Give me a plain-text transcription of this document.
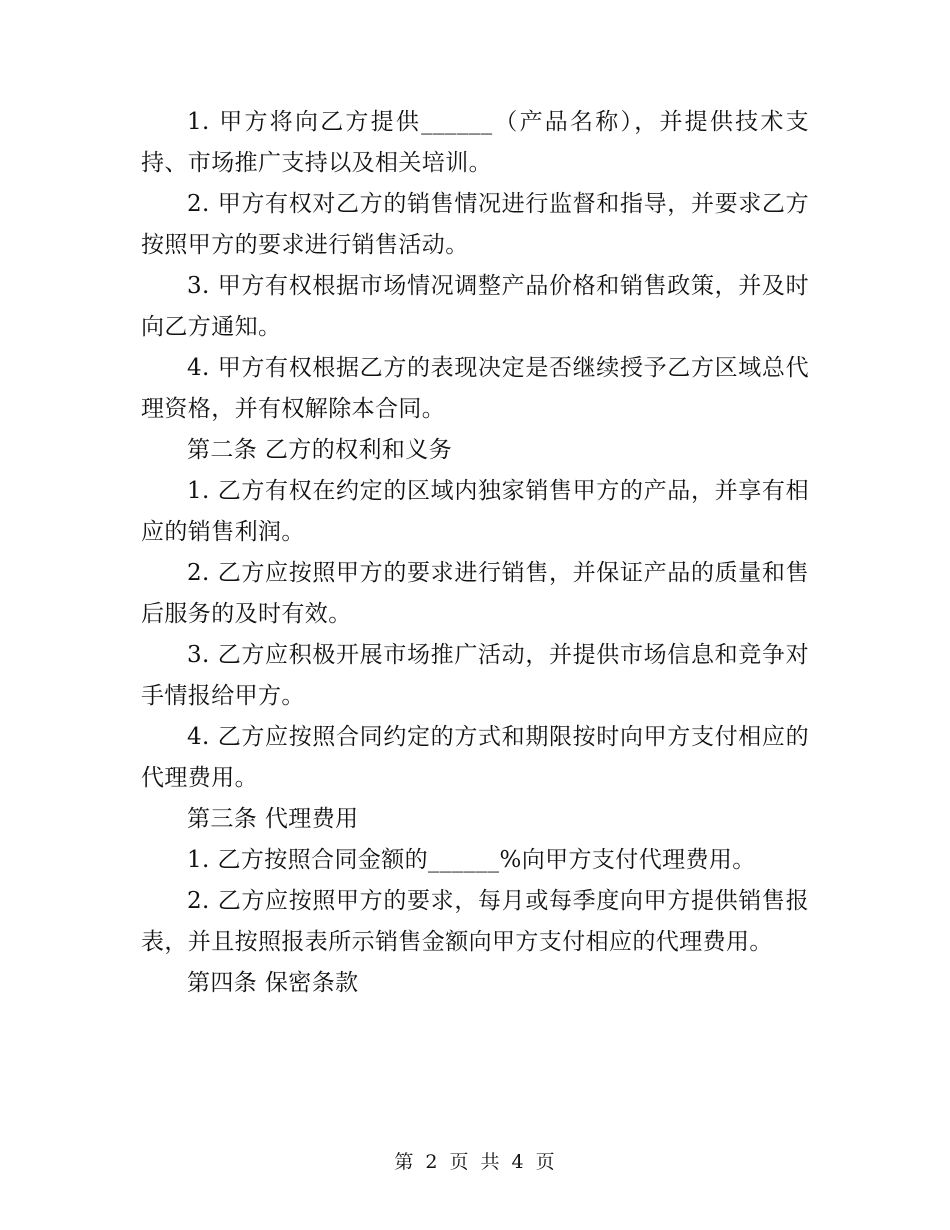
1. 甲方将向乙方提供______（产品名称），并提供技术支持、市场推广支持以及相关培训。

2. 甲方有权对乙方的销售情况进行监督和指导，并要求乙方按照甲方的要求进行销售活动。

3. 甲方有权根据市场情况调整产品价格和销售政策，并及时向乙方通知。

4. 甲方有权根据乙方的表现决定是否继续授予乙方区域总代理资格，并有权解除本合同。

第二条 乙方的权利和义务

1. 乙方有权在约定的区域内独家销售甲方的产品，并享有相应的销售利润。

2. 乙方应按照甲方的要求进行销售，并保证产品的质量和售后服务的及时有效。

3. 乙方应积极开展市场推广活动，并提供市场信息和竞争对手情报给甲方。

4. 乙方应按照合同约定的方式和期限按时向甲方支付相应的代理费用。

第三条 代理费用

1. 乙方按照合同金额的______%向甲方支付代理费用。

2. 乙方应按照甲方的要求，每月或每季度向甲方提供销售报表，并且按照报表所示销售金额向甲方支付相应的代理费用。

第四条 保密条款

第 2 页 共 4 页
